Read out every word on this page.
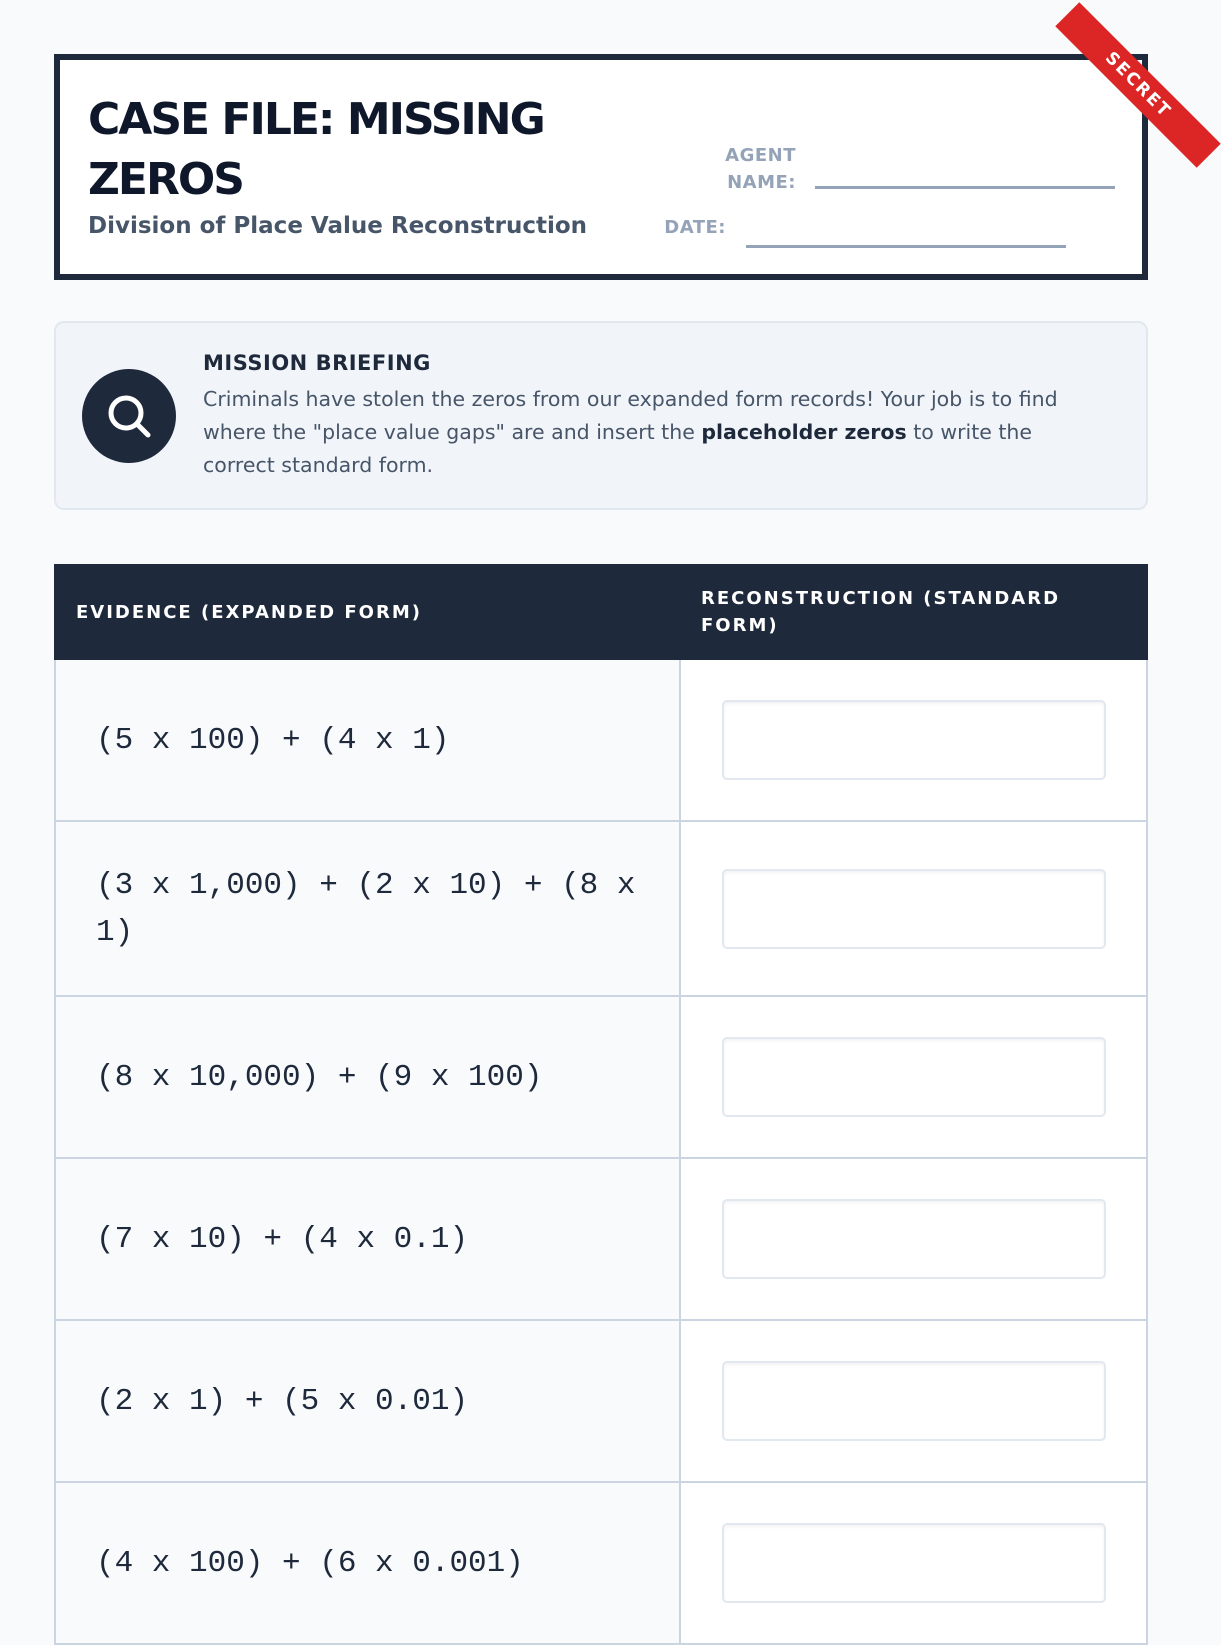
CASE FILE: MISSING ZEROS
Division of Place Value Reconstruction
AGENT NAME:
DATE:
SECRET
MISSION BRIEFING
Criminals have stolen the zeros from our expanded form records! Your job is to find where the "place value gaps" are and insert the placeholder zeros to write the correct standard form.
EVIDENCE (EXPANDED FORM)
RECONSTRUCTION (STANDARD FORM)
(5 x 100) + (4 x 1)
(3 x 1,000) + (2 x 10) + (8 x 1)
(8 x 10,000) + (9 x 100)
(7 x 10) + (4 x 0.1)
(2 x 1) + (5 x 0.01)
(4 x 100) + (6 x 0.001)
